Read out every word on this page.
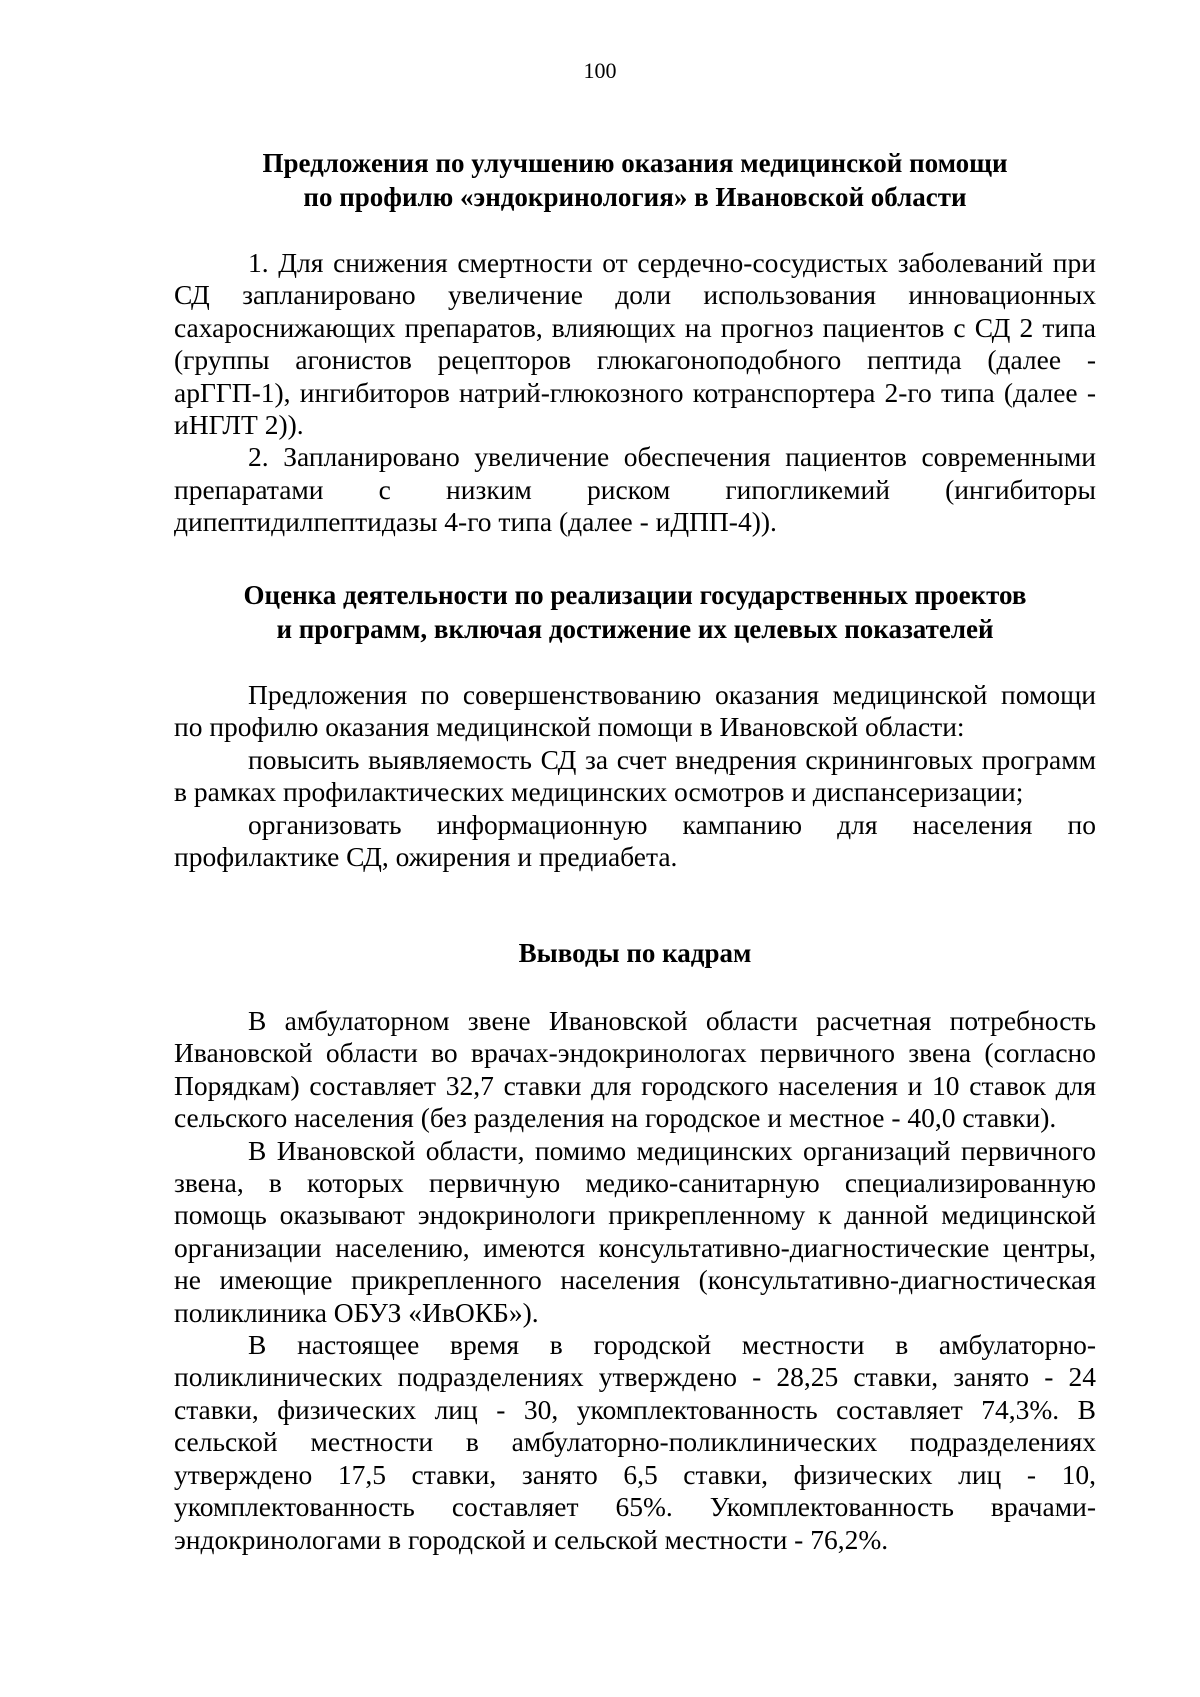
100
Предложения по улучшению оказания медицинской помощи
по профилю «эндокринология» в Ивановской области

1. Для снижения смертности от сердечно-сосудистых заболеваний при СД запланировано увеличение доли использования инновационных сахароснижающих препаратов, влияющих на прогноз пациентов с СД 2 типа (группы агонистов рецепторов глюкагоноподобного пептида (далее - арГГП-1), ингибиторов натрий-глюкозного котранспортера 2-го типа (далее - иНГЛТ 2)).

2. Запланировано увеличение обеспечения пациентов современными препаратами с низким риском гипогликемий (ингибиторы дипептидилпептидазы 4-го типа (далее - иДПП-4)).

Оценка деятельности по реализации государственных проектов
и программ, включая достижение их целевых показателей

Предложения по совершенствованию оказания медицинской помощи по профилю оказания медицинской помощи в Ивановской области:

повысить выявляемость СД за счет внедрения скрининговых программ в рамках профилактических медицинских осмотров и диспансеризации;

организовать информационную кампанию для населения по профилактике СД, ожирения и предиабета.

Выводы по кадрам

В амбулаторном звене Ивановской области расчетная потребность Ивановской области во врачах-эндокринологах первичного звена (согласно Порядкам) составляет 32,7 ставки для городского населения и 10 ставок для сельского населения (без разделения на городское и местное - 40,0 ставки).

В Ивановской области, помимо медицинских организаций первичного звена, в которых первичную медико-санитарную специализированную помощь оказывают эндокринологи прикрепленному к данной медицинской организации населению, имеются консультативно-диагностические центры, не имеющие прикрепленного населения (консультативно-диагностическая поликлиника ОБУЗ «ИвОКБ»).

В настоящее время в городской местности в амбулаторно-поликлинических подразделениях утверждено - 28,25 ставки, занято - 24 ставки, физических лиц - 30, укомплектованность составляет 74,3%. В сельской местности в амбулаторно-поликлинических подразделениях утверждено 17,5 ставки, занято 6,5 ставки, физических лиц - 10, укомплектованность составляет 65%. Укомплектованность врачами-эндокринологами в городской и сельской местности - 76,2%.
